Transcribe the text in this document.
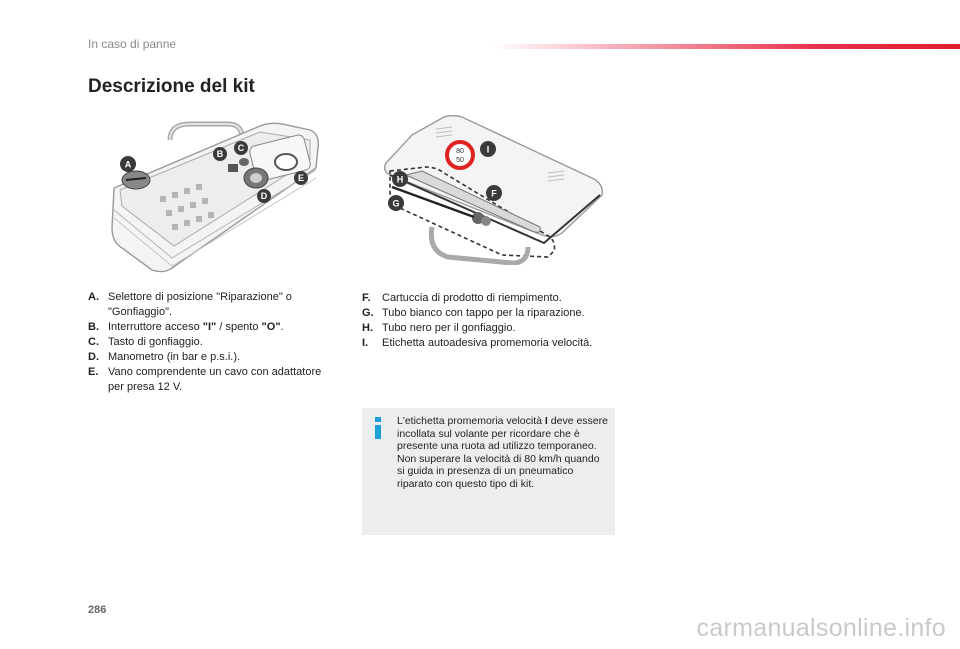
In caso di panne
Descrizione del kit
A
B
C
D
E
80
50
I
H
F
G
A. Selettore di posizione "Riparazione" o "Gonfiaggio".
B. Interruttore acceso "I" / spento "O".
C. Tasto di gonfiaggio.
D. Manometro (in bar e p.s.i.).
E. Vano comprendente un cavo con adattatore per presa 12 V.
F.	Cartuccia di prodotto di riempimento.
G. Tubo bianco con tappo per la riparazione.
H. Tubo nero per il gonfiaggio.
I.	Etichetta autoadesiva promemoria velocità.

L'etichetta promemoria velocità I deve essere incollata sul volante per ricordare che è presente una ruota ad utilizzo temporaneo.

Non superare la velocità di 80 km/h quando si guida in presenza di un pneumatico riparato con questo tipo di kit.

286
carmanualsonline.info
